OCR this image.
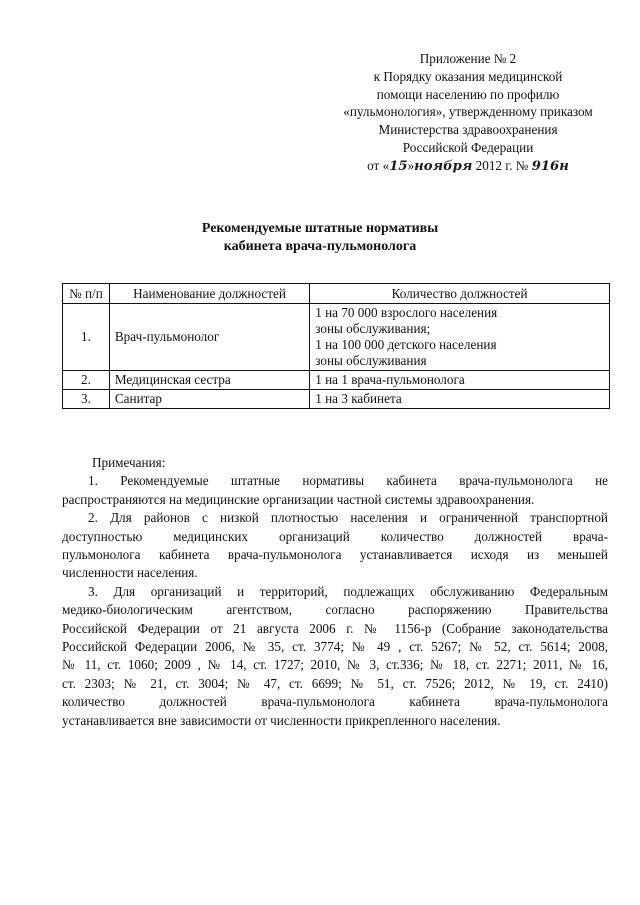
Приложение № 2
к Порядку оказания медицинской
помощи населению по профилю
«пульмонология», утвержденному приказом
Министерства здравоохранения
Российской Федерации
от «15»ноября 2012 г. № 916н
Рекомендуемые штатные нормативы
кабинета врача-пульмонолога
№ п/п	Наименование должностей	Количество должностей
1.	Врач-пульмонолог	1 на 70 000 взрослого населения
зоны обслуживания;
1 на 100 000 детского населения
зоны обслуживания

2.	Медицинская сестра	1 на 1 врача-пульмонолога
3.	Санитар	1 на 3 кабинета
Примечания:
1. Рекомендуемые штатные нормативы кабинета врача-пульмонолога не
распространяются на медицинские организации частной системы здравоохранения.
2. Для районов с низкой плотностью населения и ограниченной транспортной
доступностью медицинских организаций количество должностей врача-
пульмонолога кабинета врача-пульмонолога устанавливается исходя из меньшей
численности населения.
3. Для организаций и территорий, подлежащих обслуживанию Федеральным
медико-биологическим агентством, согласно распоряжению Правительства
Российской Федерации от 21 августа 2006 г. № 1156-р (Собрание законодательства
Российской Федерации 2006, № 35, ст. 3774; № 49 , ст. 5267; № 52, ст. 5614; 2008,
№ 11, ст. 1060; 2009 , № 14, ст. 1727; 2010, № 3, ст.336; № 18, ст. 2271; 2011, № 16,
ст. 2303; № 21, ст. 3004; № 47, ст. 6699; № 51, ст. 7526; 2012, № 19, ст. 2410)
количество должностей врача-пульмонолога кабинета врача-пульмонолога
устанавливается вне зависимости от численности прикрепленного населения.
